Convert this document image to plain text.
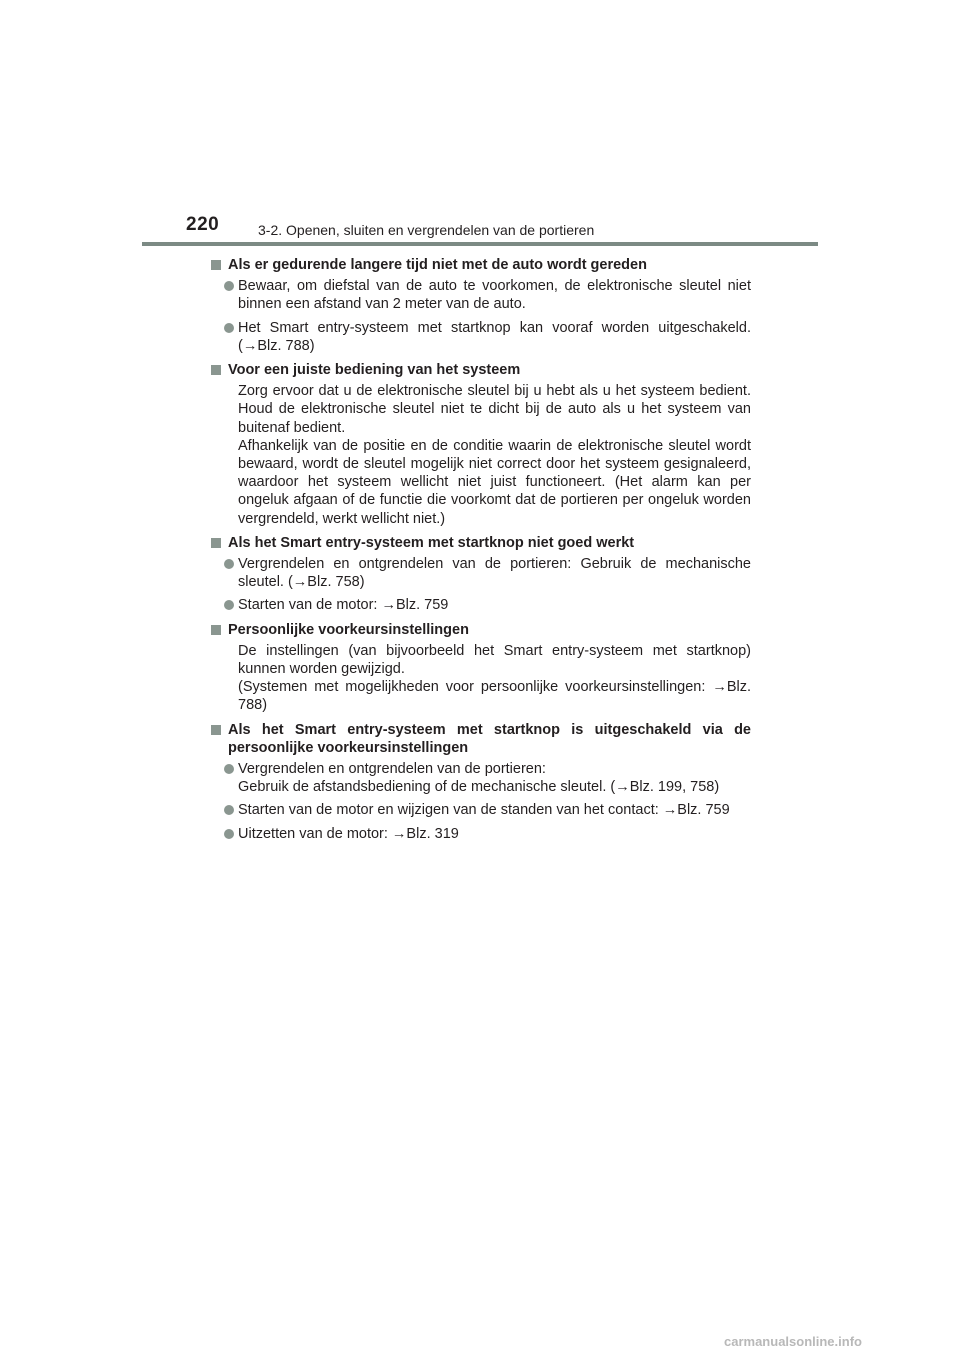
220	3-2. Openen, sluiten en vergrendelen van de portieren
Als er gedurende langere tijd niet met de auto wordt gereden
Bewaar, om diefstal van de auto te voorkomen, de elektronische sleutel niet binnen een afstand van 2 meter van de auto.
Het Smart entry-systeem met startknop kan vooraf worden uitgeschakeld. (→Blz. 788)
Voor een juiste bediening van het systeem
Zorg ervoor dat u de elektronische sleutel bij u hebt als u het systeem bedient. Houd de elektronische sleutel niet te dicht bij de auto als u het systeem van buitenaf bedient.
Afhankelijk van de positie en de conditie waarin de elektronische sleutel wordt bewaard, wordt de sleutel mogelijk niet correct door het systeem gesignaleerd, waardoor het systeem wellicht niet juist functioneert. (Het alarm kan per ongeluk afgaan of de functie die voorkomt dat de portieren per ongeluk worden vergrendeld, werkt wellicht niet.)
Als het Smart entry-systeem met startknop niet goed werkt
Vergrendelen en ontgrendelen van de portieren: Gebruik de mechanische sleutel. (→Blz. 758)
Starten van de motor: →Blz. 759
Persoonlijke voorkeursinstellingen
De instellingen (van bijvoorbeeld het Smart entry-systeem met startknop) kunnen worden gewijzigd.
(Systemen met mogelijkheden voor persoonlijke voorkeursinstellingen: →Blz. 788)
Als het Smart entry-systeem met startknop is uitgeschakeld via de persoonlijke voorkeursinstellingen
Vergrendelen en ontgrendelen van de portieren:
Gebruik de afstandsbediening of de mechanische sleutel. (→Blz. 199, 758)
Starten van de motor en wijzigen van de standen van het contact: →Blz. 759
Uitzetten van de motor: →Blz. 319
carmanualsonline.info
